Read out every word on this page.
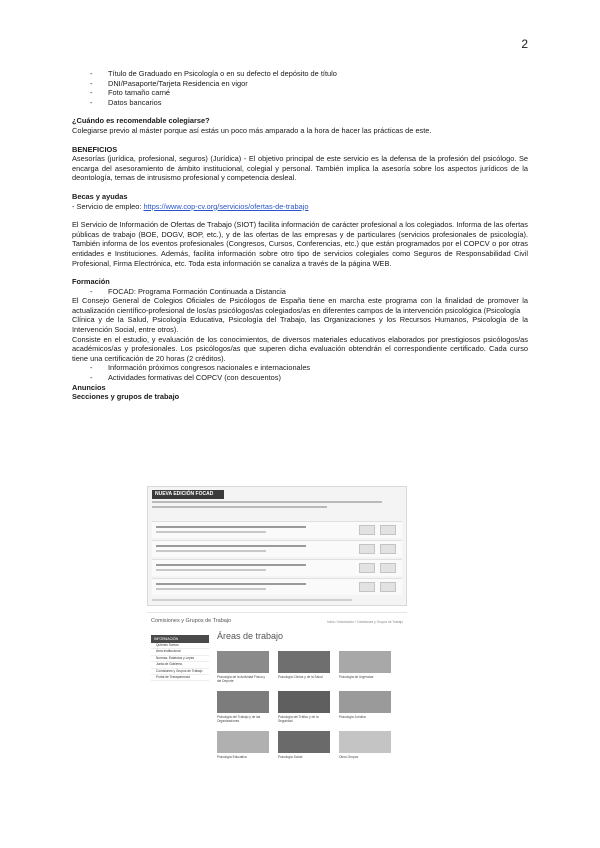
2
-	Título de Graduado en Psicología o en su defecto el depósito de título
-	DNI/Pasaporte/Tarjeta Residencia en vigor
-	Foto tamaño carné
-	Datos bancarios

¿Cuándo es recomendable colegiarse?

Colegiarse previo al máster porque así estás un poco más amparado a la hora de hacer las prácticas de este.

BENEFICIOS

Asesorías (jurídica, profesional, seguros) (Jurídica) - El objetivo principal de este servicio es la defensa de la profesión del psicólogo. Se encarga del asesoramiento de ámbito institucional, colegial y personal. También implica la asesoría sobre los aspectos jurídicos de la deontología, temas de intrusismo profesional y competencia desleal.

Becas y ayudas

- Servicio de empleo: https://www.cop-cv.org/servicios/ofertas-de-trabajo

El Servicio de Información de Ofertas de Trabajo (SIOT) facilita información de carácter profesional a los colegiados. Informa de las ofertas públicas de trabajo (BOE, DOGV, BOP, etc.), y de las ofertas de las empresas y de particulares (servicios profesionales de psicología). También informa de los eventos profesionales (Congresos, Cursos, Conferencias, etc.) que están programados por el COPCV o por otras entidades e Instituciones. Además, facilita información sobre otro tipo de servicios colegiales como Seguros de Responsabilidad Civil Profesional, Firma Electrónica, etc. Toda esta información se canaliza a través de la página WEB.

Formación

-	FOCAD: Programa Formación Continuada a Distancia

El Consejo General de Colegios Oficiales de Psicólogos de España tiene en marcha este programa con la finalidad de promover la actualización científico-profesional de los/as psicólogos/as colegiados/as en diferentes campos de la intervención psicológica (Psicología

Clínica y de la Salud, Psicología Educativa, Psicología del Trabajo, las Organizaciones y los Recursos Humanos, Psicología de la Intervención Social, entre otros).

Consiste en el estudio, y evaluación de los conocimientos, de diversos materiales educativos elaborados por prestigiosos psicólogos/as académicos/as y profesionales. Los psicólogos/as que superen dicha evaluación obtendrán el correspondiente certificado. Cada curso tiene una certificación de 20 horas (2 créditos).

-	Información próximos congresos nacionales e internacionales
-	Actividades formativas del COPCV (con descuentos)

Anuncios

Secciones y grupos de trabajo

NUEVA EDICIÓN FOCAD
Comisiones y Grupos de Trabajo	Inicio / Información / Comisiones y Grupos de Trabajo
INFORMACIÓN
Quiénes Somos
Área Institucional
Normas, Estatutos y Leyes
Junta de Gobierno
Comisiones y Grupos de Trabajo
Portal de Transparencia
Áreas de trabajo
Psicología de la Actividad Física y del Deporte
Psicología Clínica y de la Salud	Psicología de Urgencias
Psicología del Trabajo y de las Organizaciones
Psicología del Tráfico y de la Seguridad
Psicología Jurídica
Psicología Educativa	Psicología Social	Otros Grupos
